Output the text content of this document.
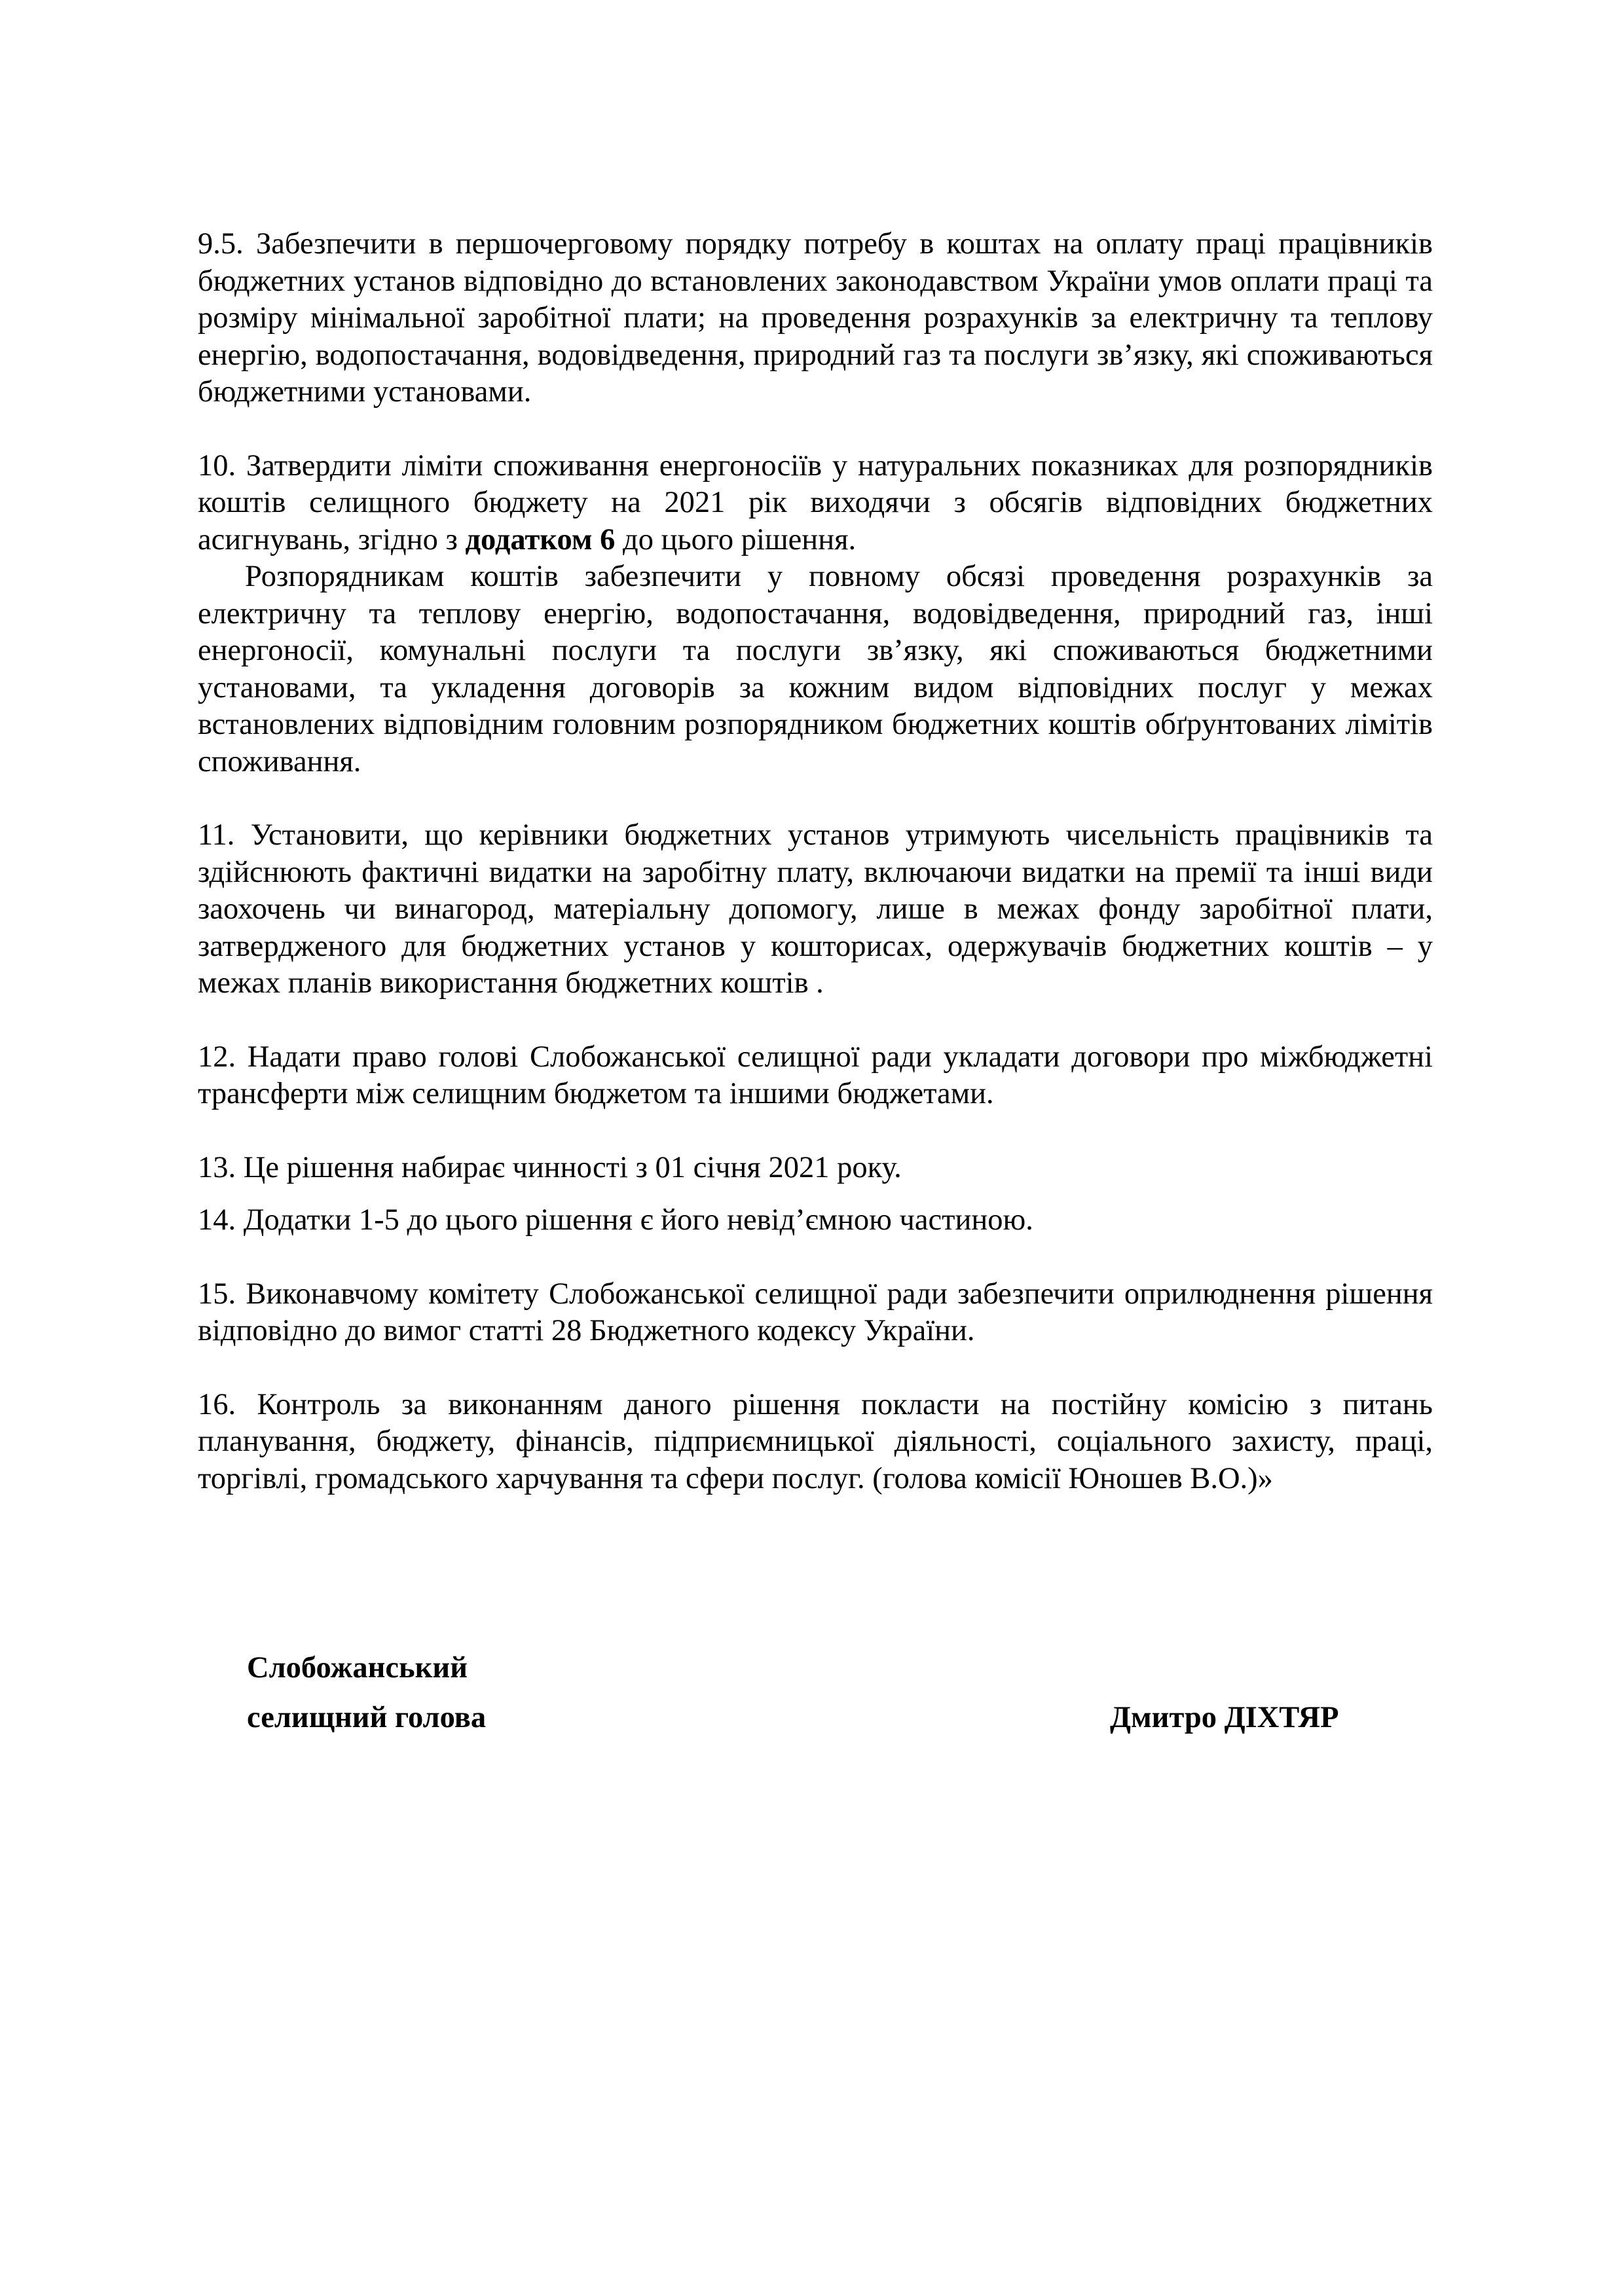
9.5. Забезпечити в першочерговому порядку потребу в коштах на оплату праці працівників бюджетних установ відповідно до встановлених законодавством України умов оплати праці та розміру мінімальної заробітної плати; на проведення розрахунків за електричну та теплову енергію, водопостачання, водовідведення, природний газ та послуги зв’язку, які споживаються бюджетними установами.

10. Затвердити ліміти споживання енергоносіїв у натуральних показниках для розпорядників коштів селищного бюджету на 2021 рік виходячи з обсягів відповідних бюджетних асигнувань, згідно з додатком 6 до цього рішення.

Розпорядникам коштів забезпечити у повному обсязі проведення розрахунків за електричну та теплову енергію, водопостачання, водовідведення, природний газ, інші енергоносії, комунальні послуги та послуги зв’язку, які споживаються бюджетними установами, та укладення договорів за кожним видом відповідних послуг у межах встановлених відповідним головним розпорядником бюджетних коштів обґрунтованих лімітів споживання.

11. Установити, що керівники бюджетних установ утримують чисельність працівників та здійснюють фактичні видатки на заробітну плату, включаючи видатки на премії та інші види заохочень чи винагород, матеріальну допомогу, лише в межах фонду заробітної плати, затвердженого для бюджетних установ у кошторисах, одержувачів бюджетних коштів – у межах планів використання бюджетних коштів .

12. Надати право голові Слобожанської селищної ради укладати договори про міжбюджетні трансферти між селищним бюджетом та іншими бюджетами.

13. Це рішення набирає чинності з 01 січня 2021 року.

14. Додатки 1-5 до цього рішення є його невід’ємною частиною.

15. Виконавчому комітету Слобожанської селищної ради забезпечити оприлюднення рішення відповідно до вимог статті 28 Бюджетного кодексу України.

16. Контроль за виконанням даного рішення покласти на постійну комісію з питань планування, бюджету, фінансів, підприємницької діяльності, соціального захисту, праці, торгівлі, громадського харчування та сфери послуг. (голова комісії Юношев В.О.)»

Слобожанський
селищний голова	Дмитро ДІХТЯР
